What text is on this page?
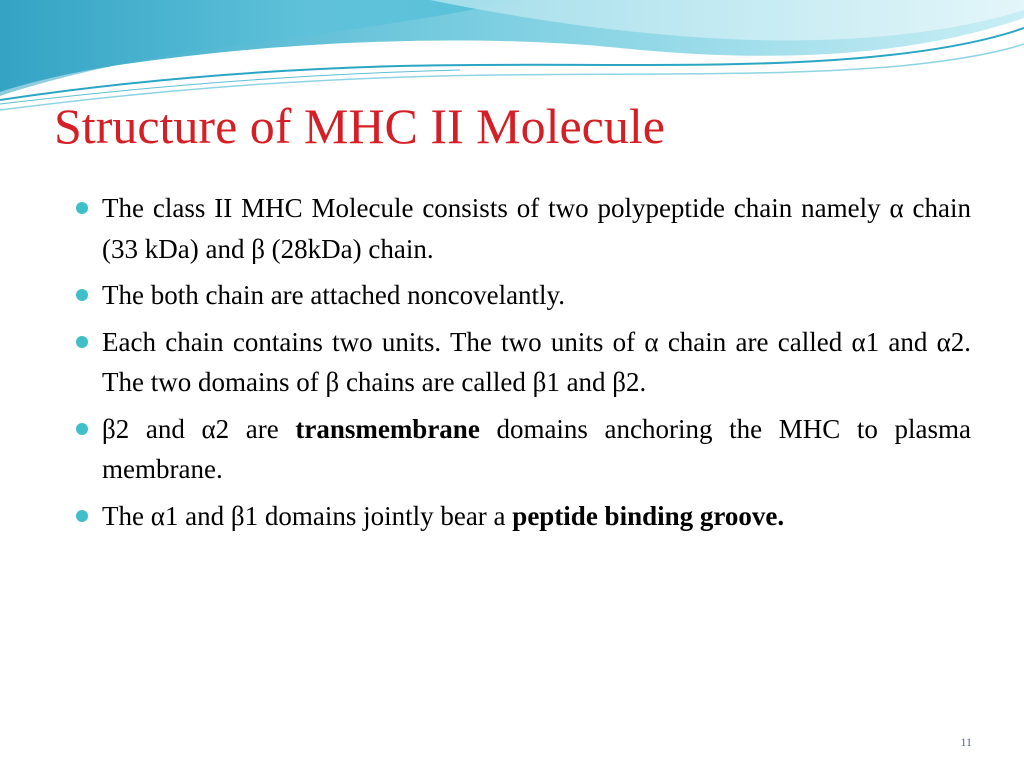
Structure of MHC II Molecule
The class II MHC Molecule consists of two polypeptide chain namely α chain (33 kDa) and β (28kDa) chain.
The both chain are attached noncovelantly.
Each chain contains two units. The two units of α chain are called α1 and α2. The two domains of β chains are called β1 and β2.
β2 and α2 are transmembrane domains anchoring the MHC to plasma membrane.
The α1 and β1 domains jointly bear a peptide binding groove.
11
